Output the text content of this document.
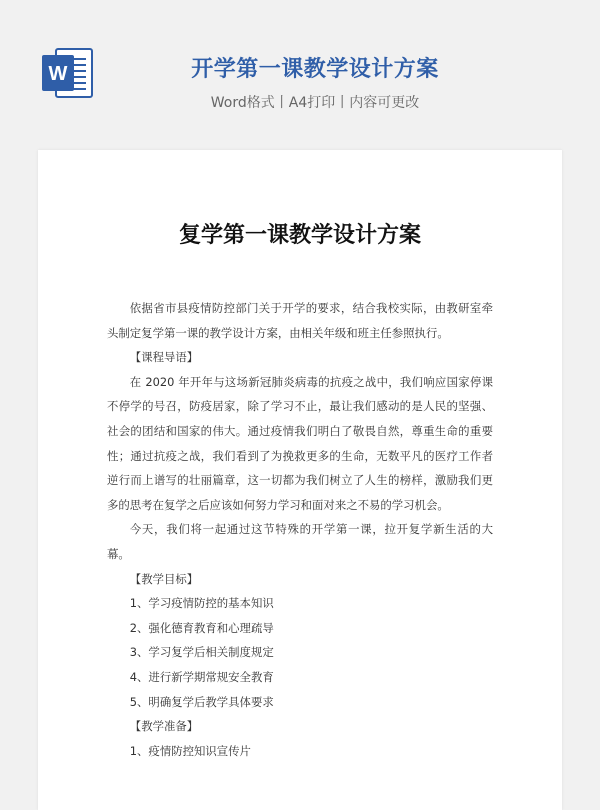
W	开学第一课教学设计方案
Word格式丨A4打印丨内容可更改
复学第一课教学设计方案

依据省市县疫情防控部门关于开学的要求，结合我校实际，由教研室牵头制定复学第一课的教学设计方案，由相关年级和班主任参照执行。

【课程导语】

在 2020 年开年与这场新冠肺炎病毒的抗疫之战中，我们响应国家停课不停学的号召，防疫居家，除了学习不止，最让我们感动的是人民的坚强、社会的团结和国家的伟大。通过疫情我们明白了敬畏自然，尊重生命的重要性；通过抗疫之战，我们看到了为挽救更多的生命，无数平凡的医疗工作者逆行而上谱写的壮丽篇章，这一切都为我们树立了人生的榜样，激励我们更多的思考在复学之后应该如何努力学习和面对来之不易的学习机会。

今天，我们将一起通过这节特殊的开学第一课，拉开复学新生活的大幕。

【教学目标】

1、学习疫情防控的基本知识

2、强化德育教育和心理疏导

3、学习复学后相关制度规定

4、进行新学期常规安全教育

5、明确复学后教学具体要求

【教学准备】

1、疫情防控知识宣传片
